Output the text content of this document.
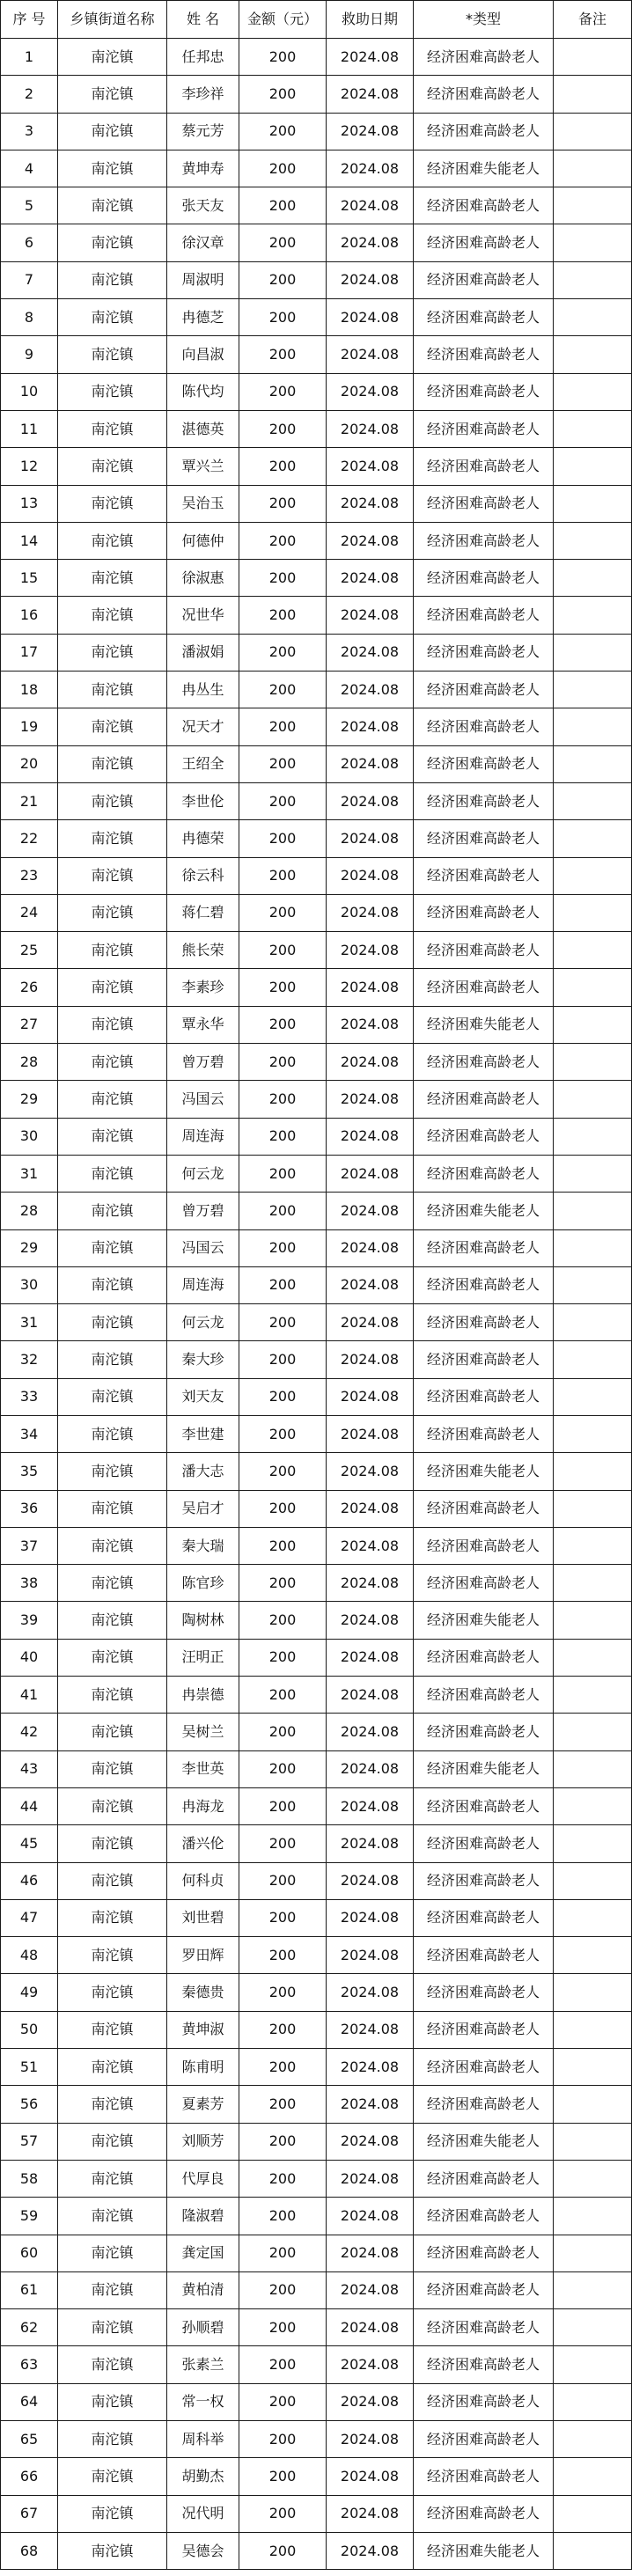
序 号	乡镇街道名称	姓 名	金额（元）	救助日期	*类型	备注
1	南沱镇	任邦忠	200	2024.08	经济困难高龄老人	
2	南沱镇	李珍祥	200	2024.08	经济困难高龄老人	
3	南沱镇	蔡元芳	200	2024.08	经济困难高龄老人	
4	南沱镇	黄坤寿	200	2024.08	经济困难失能老人	
5	南沱镇	张天友	200	2024.08	经济困难高龄老人	
6	南沱镇	徐汉章	200	2024.08	经济困难高龄老人	
7	南沱镇	周淑明	200	2024.08	经济困难高龄老人	
8	南沱镇	冉德芝	200	2024.08	经济困难高龄老人	
9	南沱镇	向昌淑	200	2024.08	经济困难高龄老人	
10	南沱镇	陈代均	200	2024.08	经济困难高龄老人	
11	南沱镇	湛德英	200	2024.08	经济困难高龄老人	
12	南沱镇	覃兴兰	200	2024.08	经济困难高龄老人	
13	南沱镇	吴治玉	200	2024.08	经济困难高龄老人	
14	南沱镇	何德仲	200	2024.08	经济困难高龄老人	
15	南沱镇	徐淑惠	200	2024.08	经济困难高龄老人	
16	南沱镇	况世华	200	2024.08	经济困难高龄老人	
17	南沱镇	潘淑娟	200	2024.08	经济困难高龄老人	
18	南沱镇	冉丛生	200	2024.08	经济困难高龄老人	
19	南沱镇	况天才	200	2024.08	经济困难高龄老人	
20	南沱镇	王绍全	200	2024.08	经济困难高龄老人	
21	南沱镇	李世伦	200	2024.08	经济困难高龄老人	
22	南沱镇	冉德荣	200	2024.08	经济困难高龄老人	
23	南沱镇	徐云科	200	2024.08	经济困难高龄老人	
24	南沱镇	蒋仁碧	200	2024.08	经济困难高龄老人	
25	南沱镇	熊长荣	200	2024.08	经济困难高龄老人	
26	南沱镇	李素珍	200	2024.08	经济困难高龄老人	
27	南沱镇	覃永华	200	2024.08	经济困难失能老人	
28	南沱镇	曾万碧	200	2024.08	经济困难高龄老人	
29	南沱镇	冯国云	200	2024.08	经济困难高龄老人	
30	南沱镇	周连海	200	2024.08	经济困难高龄老人	
31	南沱镇	何云龙	200	2024.08	经济困难高龄老人	
28	南沱镇	曾万碧	200	2024.08	经济困难失能老人	
29	南沱镇	冯国云	200	2024.08	经济困难高龄老人	
30	南沱镇	周连海	200	2024.08	经济困难高龄老人	
31	南沱镇	何云龙	200	2024.08	经济困难高龄老人	
32	南沱镇	秦大珍	200	2024.08	经济困难高龄老人	
33	南沱镇	刘天友	200	2024.08	经济困难高龄老人	
34	南沱镇	李世建	200	2024.08	经济困难高龄老人	
35	南沱镇	潘大志	200	2024.08	经济困难失能老人	
36	南沱镇	吴启才	200	2024.08	经济困难高龄老人	
37	南沱镇	秦大瑞	200	2024.08	经济困难高龄老人	
38	南沱镇	陈官珍	200	2024.08	经济困难高龄老人	
39	南沱镇	陶树林	200	2024.08	经济困难失能老人	
40	南沱镇	汪明正	200	2024.08	经济困难高龄老人	
41	南沱镇	冉崇德	200	2024.08	经济困难高龄老人	
42	南沱镇	吴树兰	200	2024.08	经济困难高龄老人	
43	南沱镇	李世英	200	2024.08	经济困难失能老人	
44	南沱镇	冉海龙	200	2024.08	经济困难高龄老人	
45	南沱镇	潘兴伦	200	2024.08	经济困难高龄老人	
46	南沱镇	何科贞	200	2024.08	经济困难高龄老人	
47	南沱镇	刘世碧	200	2024.08	经济困难高龄老人	
48	南沱镇	罗田辉	200	2024.08	经济困难高龄老人	
49	南沱镇	秦德贵	200	2024.08	经济困难高龄老人	
50	南沱镇	黄坤淑	200	2024.08	经济困难高龄老人	
51	南沱镇	陈甫明	200	2024.08	经济困难高龄老人	
56	南沱镇	夏素芳	200	2024.08	经济困难高龄老人	
57	南沱镇	刘顺芳	200	2024.08	经济困难失能老人	
58	南沱镇	代厚良	200	2024.08	经济困难高龄老人	
59	南沱镇	隆淑碧	200	2024.08	经济困难高龄老人	
60	南沱镇	龚定国	200	2024.08	经济困难高龄老人	
61	南沱镇	黄柏清	200	2024.08	经济困难高龄老人	
62	南沱镇	孙顺碧	200	2024.08	经济困难高龄老人	
63	南沱镇	张素兰	200	2024.08	经济困难高龄老人	
64	南沱镇	常一权	200	2024.08	经济困难高龄老人	
65	南沱镇	周科举	200	2024.08	经济困难高龄老人	
66	南沱镇	胡勤杰	200	2024.08	经济困难高龄老人	
67	南沱镇	况代明	200	2024.08	经济困难高龄老人	
68	南沱镇	吴德会	200	2024.08	经济困难失能老人	
